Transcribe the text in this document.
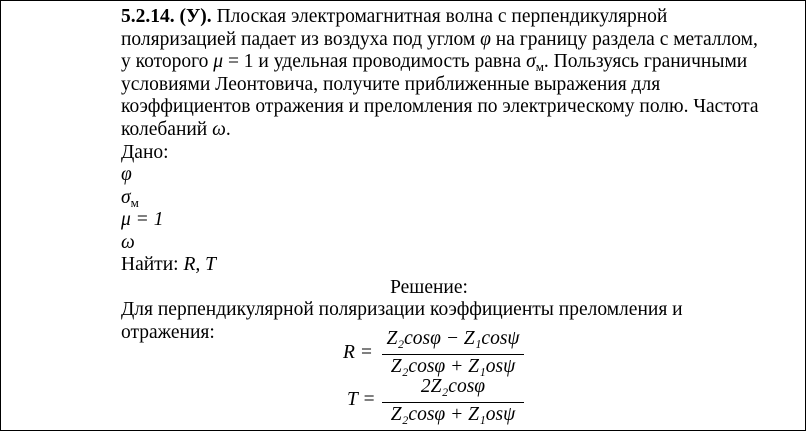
5.2.14. (У). Плоская электромагнитная волна с перпендикулярной
поляризацией падает из воздуха под углом φ на границу раздела с металлом,
у которого μ = 1 и удельная проводимость равна $\sigma_м$. Пользуясь граничными
условиями Леонтовича, получите приближенные выражения для
коэффициентов отражения и преломления по электрическому полю. Частота
колебаний ω.
Дано:
φ
$\sigma_м$
μ = 1
ω
Найти: R, T
Решение:
Для перпендикулярной поляризации коэффициенты преломления и
отражения:
R =
Z₂cosφ − Z₁cosψ
Z₂cosφ + Z₁osψ
T =
2Z₂cosφ
Z₂cosφ + Z₁osψ
